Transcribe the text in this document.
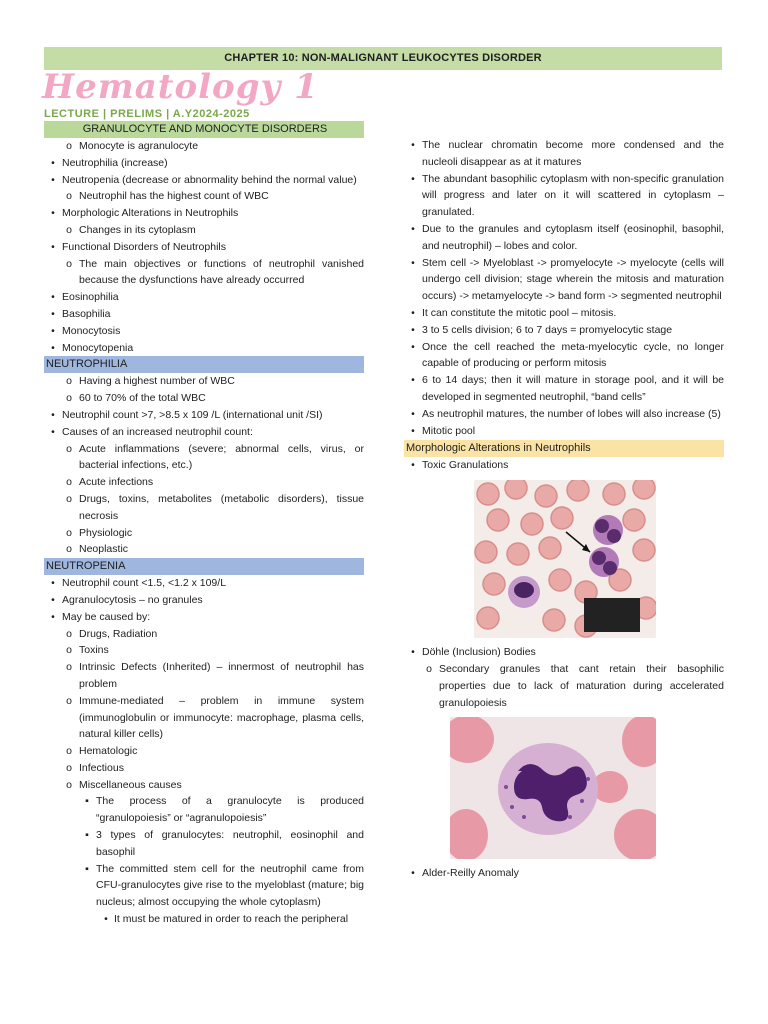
CHAPTER 10: NON-MALIGNANT LEUKOCYTES DISORDER
Hematology 1
LECTURE | PRELIMS | A.Y2024-2025
GRANULOCYTE AND MONOCYTE DISORDERS
o Monocyte is agranulocyte
• Neutrophilia (increase)
• Neutropenia (decrease or abnormality behind the normal value)
o Neutrophil has the highest count of WBC
• Morphologic Alterations in Neutrophils
o Changes in its cytoplasm
• Functional Disorders of Neutrophils
o The main objectives or functions of neutrophil vanished because the dysfunctions have already occurred
• Eosinophilia
• Basophilia
• Monocytosis
• Monocytopenia
NEUTROPHILIA
o Having a highest number of WBC
o 60 to 70% of the total WBC
• Neutrophil count >7, >8.5 x 109 /L (international unit /SI)
• Causes of an increased neutrophil count:
o Acute inflammations (severe; abnormal cells, virus, or bacterial infections, etc.)
o Acute infections
o Drugs, toxins, metabolites (metabolic disorders), tissue necrosis
o Physiologic
o Neoplastic
NEUTROPENIA
• Neutrophil count <1.5, <1.2 x 109/L
• Agranulocytosis – no granules
• May be caused by:
o Drugs, Radiation
o Toxins
o Intrinsic Defects (Inherited) – innermost of neutrophil has problem
o Immune-mediated – problem in immune system (immunoglobulin or immunocyte: macrophage, plasma cells, natural killer cells)
o Hematologic
o Infectious
o Miscellaneous causes
▪ The process of a granulocyte is produced “granulopoiesis” or “agranulopoiesis”
▪ 3 types of granulocytes: neutrophil, eosinophil and basophil
▪ The committed stem cell for the neutrophil came from CFU-granulocytes give rise to the myeloblast (mature; big nucleus; almost occupying the whole cytoplasm)
• It must be matured in order to reach the peripheral
• The nuclear chromatin become more condensed and the nucleoli disappear as at it matures
• The abundant basophilic cytoplasm with non-specific granulation will progress and later on it will scattered in cytoplasm – granulated.
• Due to the granules and cytoplasm itself (eosinophil, basophil, and neutrophil) – lobes and color.
• Stem cell -> Myeloblast -> promyelocyte -> myelocyte (cells will undergo cell division; stage wherein the mitosis and maturation occurs) -> metamyelocyte -> band form -> segmented neutrophil
• It can constitute the mitotic pool – mitosis.
• 3 to 5 cells division; 6 to 7 days = promyelocytic stage
• Once the cell reached the meta-myelocytic cycle, no longer capable of producing or perform mitosis
• 6 to 14 days; then it will mature in storage pool, and it will be developed in segmented neutrophil, “band cells”
• As neutrophil matures, the number of lobes will also increase (5)
• Mitotic pool
Morphologic Alterations in Neutrophils
• Toxic Granulations
• Döhle (Inclusion) Bodies
o Secondary granules that cant retain their basophilic properties due to lack of maturation during accelerated granulopoiesis
• Alder-Reilly Anomaly
